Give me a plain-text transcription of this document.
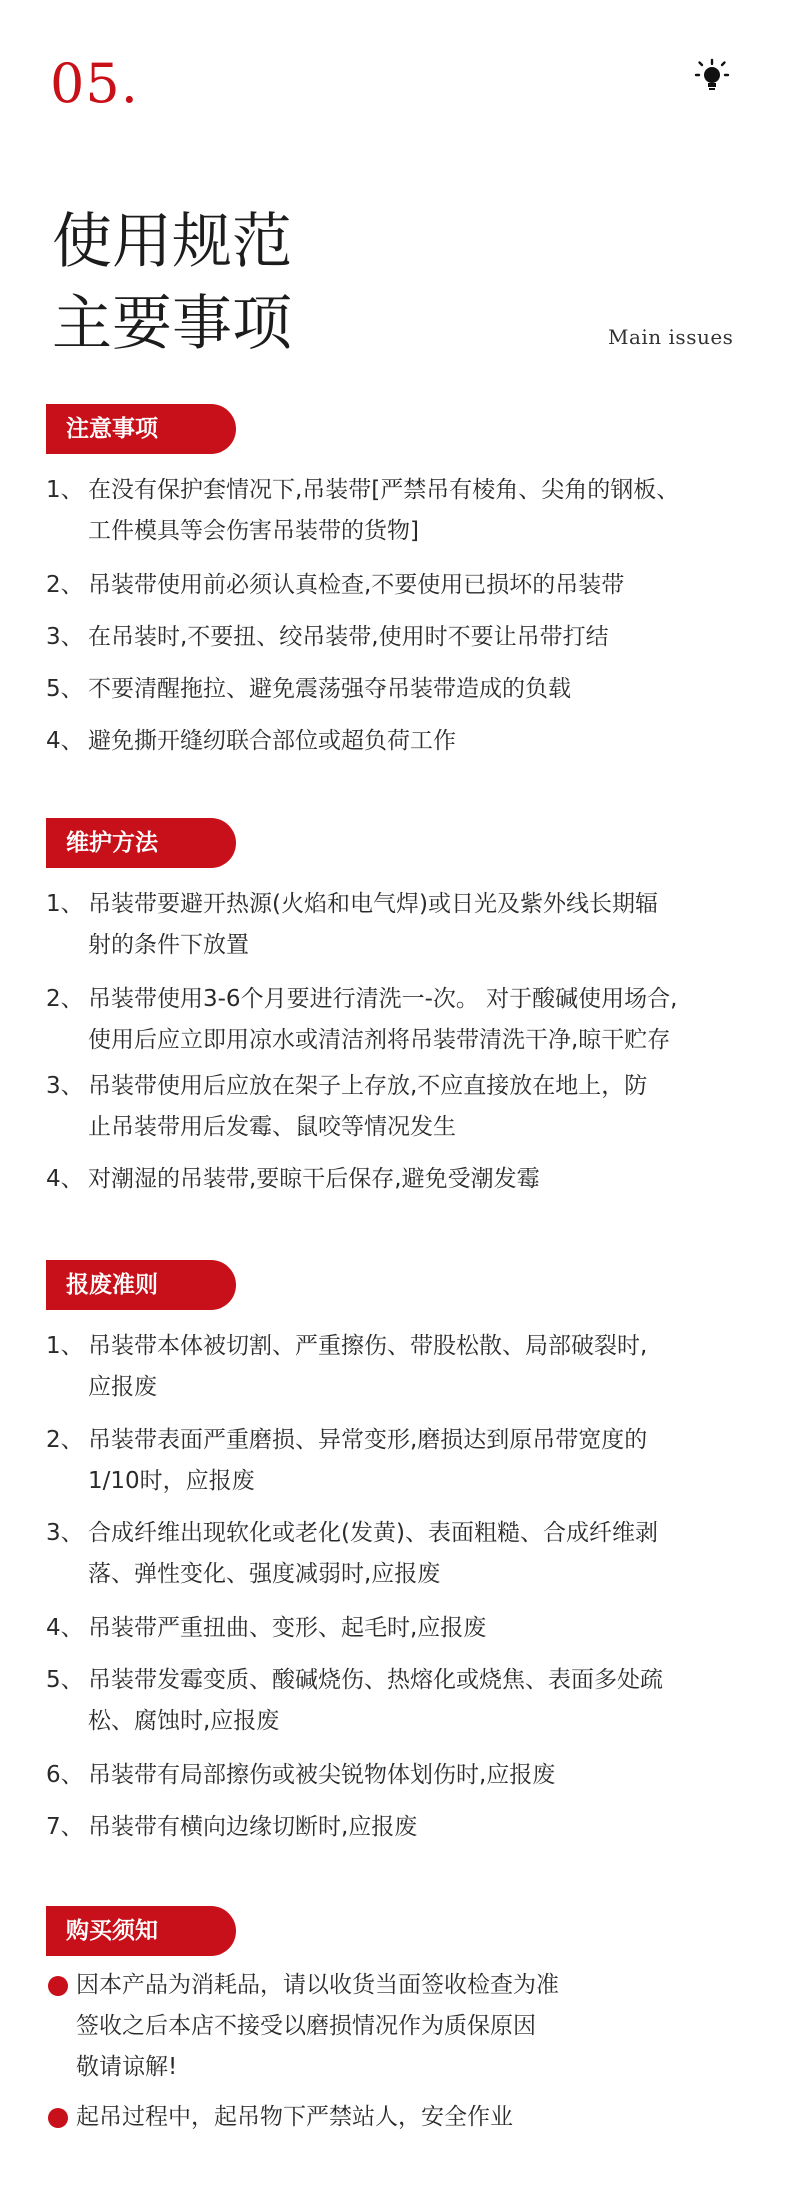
05.
使用规范
主要事项	Main issues
注意事项
1、 在没有保护套情况下,吊装带[严禁吊有棱角、尖角的钢板、
工件模具等会伤害吊装带的货物]
2、 吊装带使用前必须认真检查,不要使用已损坏的吊装带
3、 在吊装时,不要扭、绞吊装带,使用时不要让吊带打结
5、 不要清醒拖拉、避免震荡强夺吊装带造成的负载
4、 避免撕开缝纫联合部位或超负荷工作
维护方法
1、 吊装带要避开热源(火焰和电气焊)或日光及紫外线长期辐
射的条件下放置
2、 吊装带使用3-6个月要进行清洗一-次。 对于酸碱使用场合,
使用后应立即用凉水或清洁剂将吊装带清洗干净,晾干贮存
3、 吊装带使用后应放在架子上存放,不应直接放在地上，防
止吊装带用后发霉、鼠咬等情况发生
4、 对潮湿的吊装带,要晾干后保存,避免受潮发霉
报废准则
1、 吊装带本体被切割、严重擦伤、带股松散、局部破裂时,
应报废
2、 吊装带表面严重磨损、异常变形,磨损达到原吊带宽度的
1/10时，应报废
3、 合成纤维出现软化或老化(发黄)、表面粗糙、合成纤维剥
落、弹性变化、强度减弱时,应报废
4、 吊装带严重扭曲、变形、起毛时,应报废
5、 吊装带发霉变质、酸碱烧伤、热熔化或烧焦、表面多处疏
松、腐蚀时,应报废
6、 吊装带有局部擦伤或被尖锐物体划伤时,应报废
7、 吊装带有横向边缘切断时,应报废
购买须知
因本产品为消耗品，请以收货当面签收检查为准
签收之后本店不接受以磨损情况作为质保原因
敬请谅解!
起吊过程中，起吊物下严禁站人，安全作业
